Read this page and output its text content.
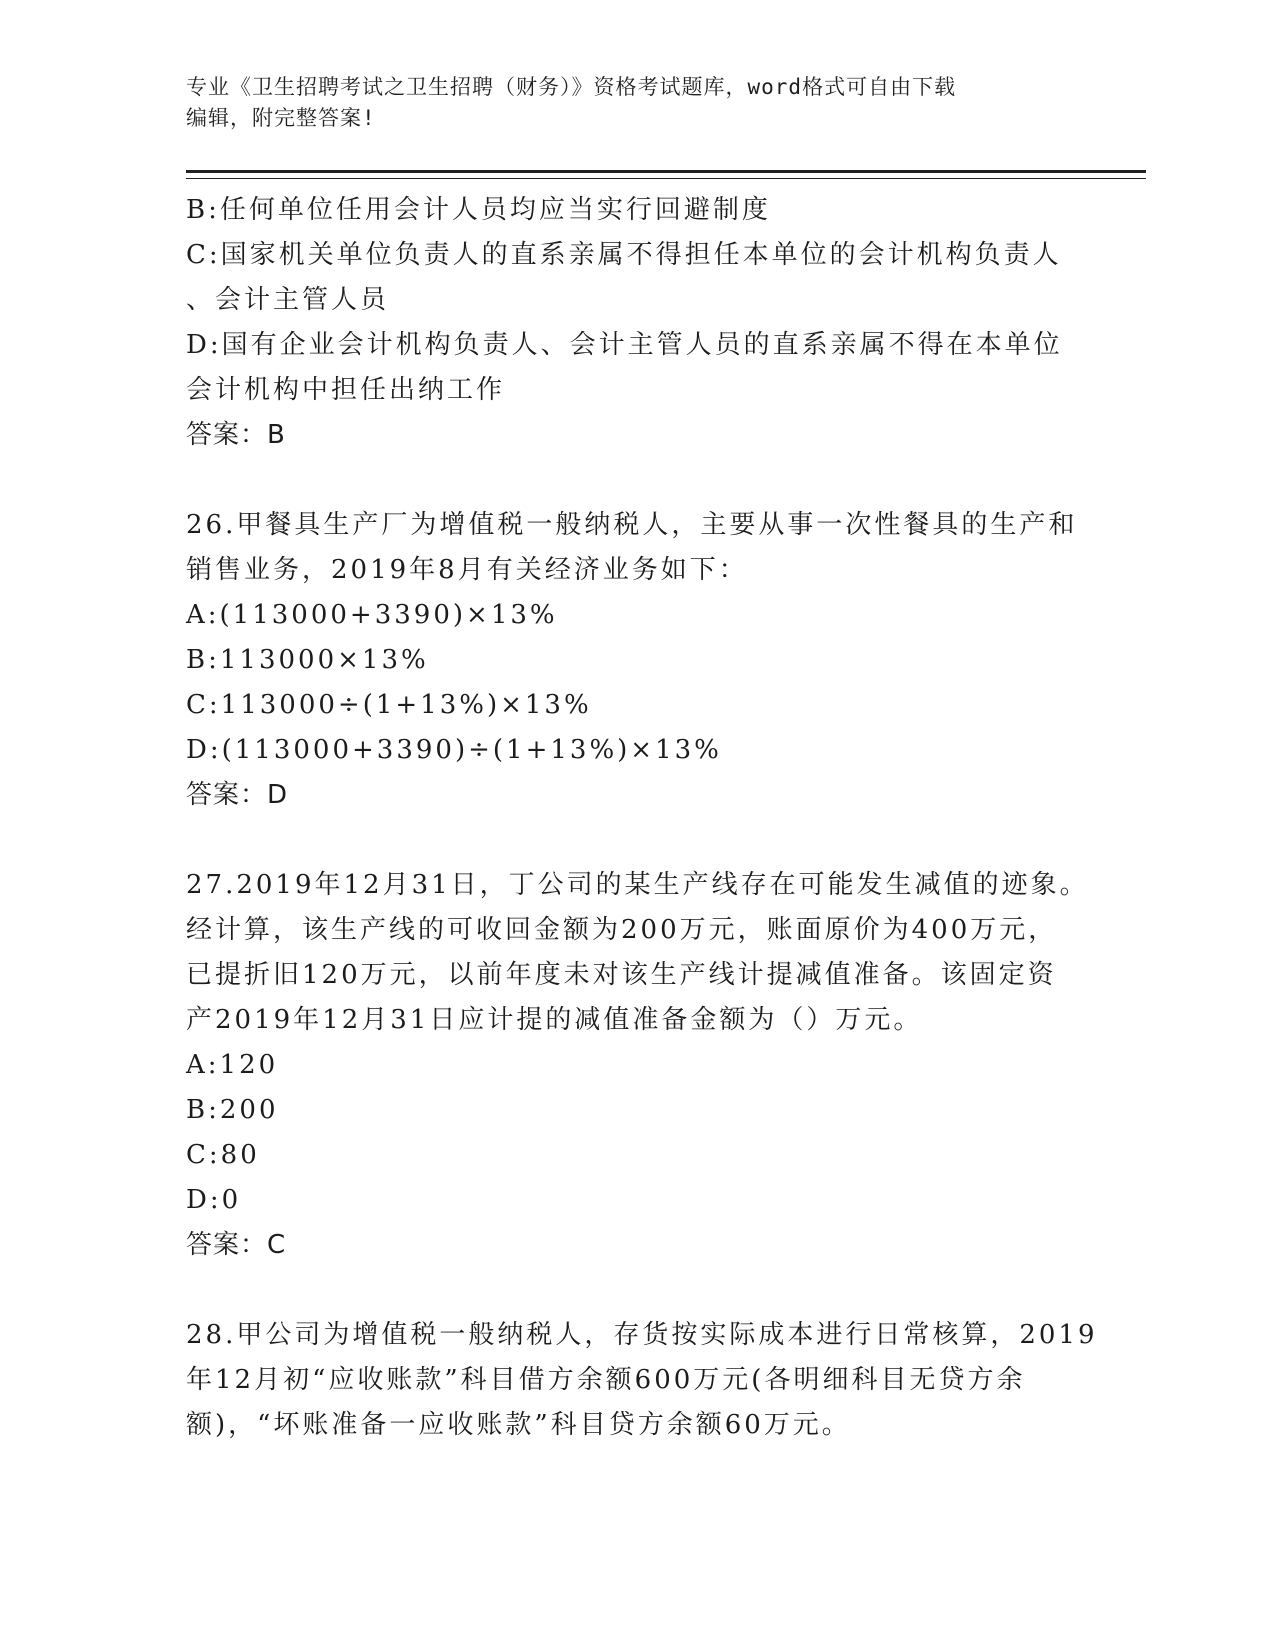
专业《卫生招聘考试之卫生招聘（财务）》资格考试题库，word格式可自由下载
编辑，附完整答案!
B:任何单位任用会计人员均应当实行回避制度
C:国家机关单位负责人的直系亲属不得担任本单位的会计机构负责人
、会计主管人员
D:国有企业会计机构负责人、会计主管人员的直系亲属不得在本单位
会计机构中担任出纳工作
答案：B
26.甲餐具生产厂为增值税一般纳税人，主要从事一次性餐具的生产和
销售业务，2019年8月有关经济业务如下：
A:(113000+3390)×13%
B:113000×13%
C:113000÷(1+13%)×13%
D:(113000+3390)÷(1+13%)×13%
答案：D
27.2019年12月31日，丁公司的某生产线存在可能发生减值的迹象。
经计算，该生产线的可收回金额为200万元，账面原价为400万元，
已提折旧120万元，以前年度未对该生产线计提减值准备。该固定资
产2019年12月31日应计提的减值准备金额为（）万元。
A:120
B:200
C:80
D:0
答案：C
28.甲公司为增值税一般纳税人，存货按实际成本进行日常核算，2019
年12月初“应收账款”科目借方余额600万元(各明细科目无贷方余
额)，“坏账准备一应收账款”科目贷方余额60万元。
